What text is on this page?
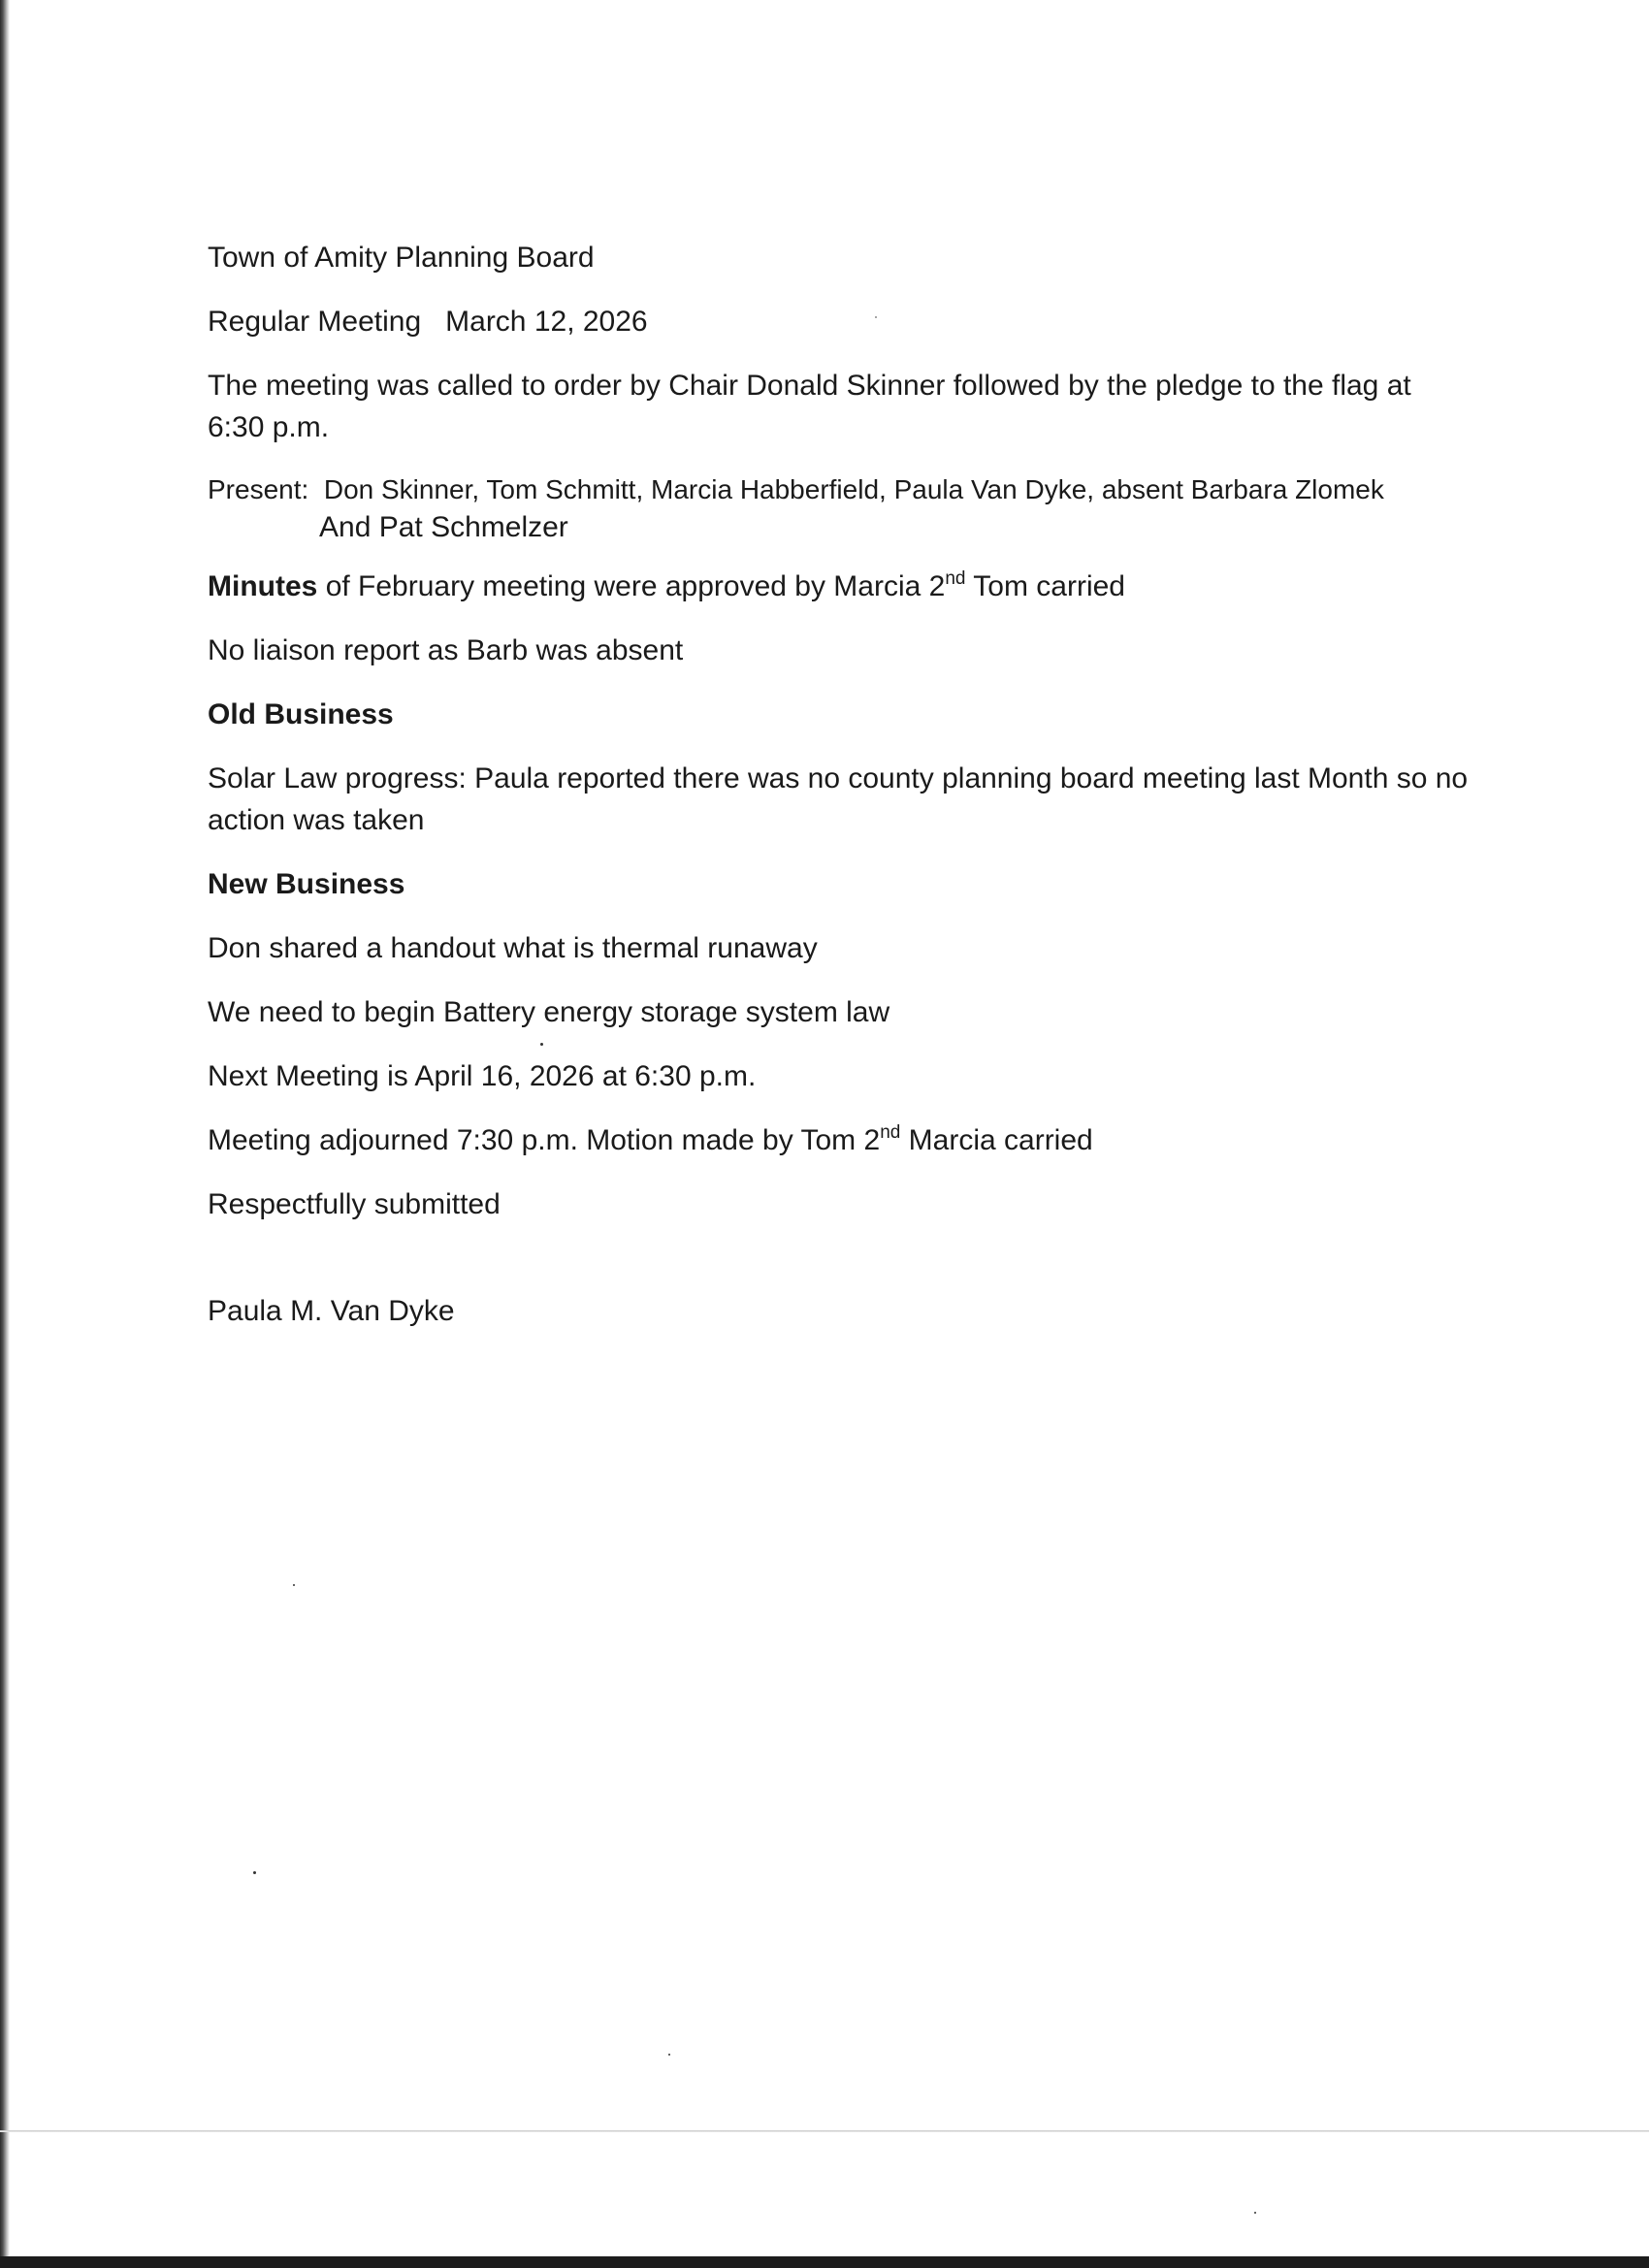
Town of Amity Planning Board

Regular Meeting March 12, 2026

The meeting was called to order by Chair Donald Skinner followed by the pledge to the flag at 6:30 p.m.

Present: Don Skinner, Tom Schmitt, Marcia Habberfield, Paula Van Dyke, absent Barbara Zlomek
And Pat Schmelzer

Minutes of February meeting were approved by Marcia 2nd Tom carried

No liaison report as Barb was absent

Old Business

Solar Law progress: Paula reported there was no county planning board meeting last Month so no action was taken

New Business

Don shared a handout what is thermal runaway

We need to begin Battery energy storage system law

Next Meeting is April 16, 2026 at 6:30 p.m.

Meeting adjourned 7:30 p.m. Motion made by Tom 2nd Marcia carried

Respectfully submitted

Paula M. Van Dyke
